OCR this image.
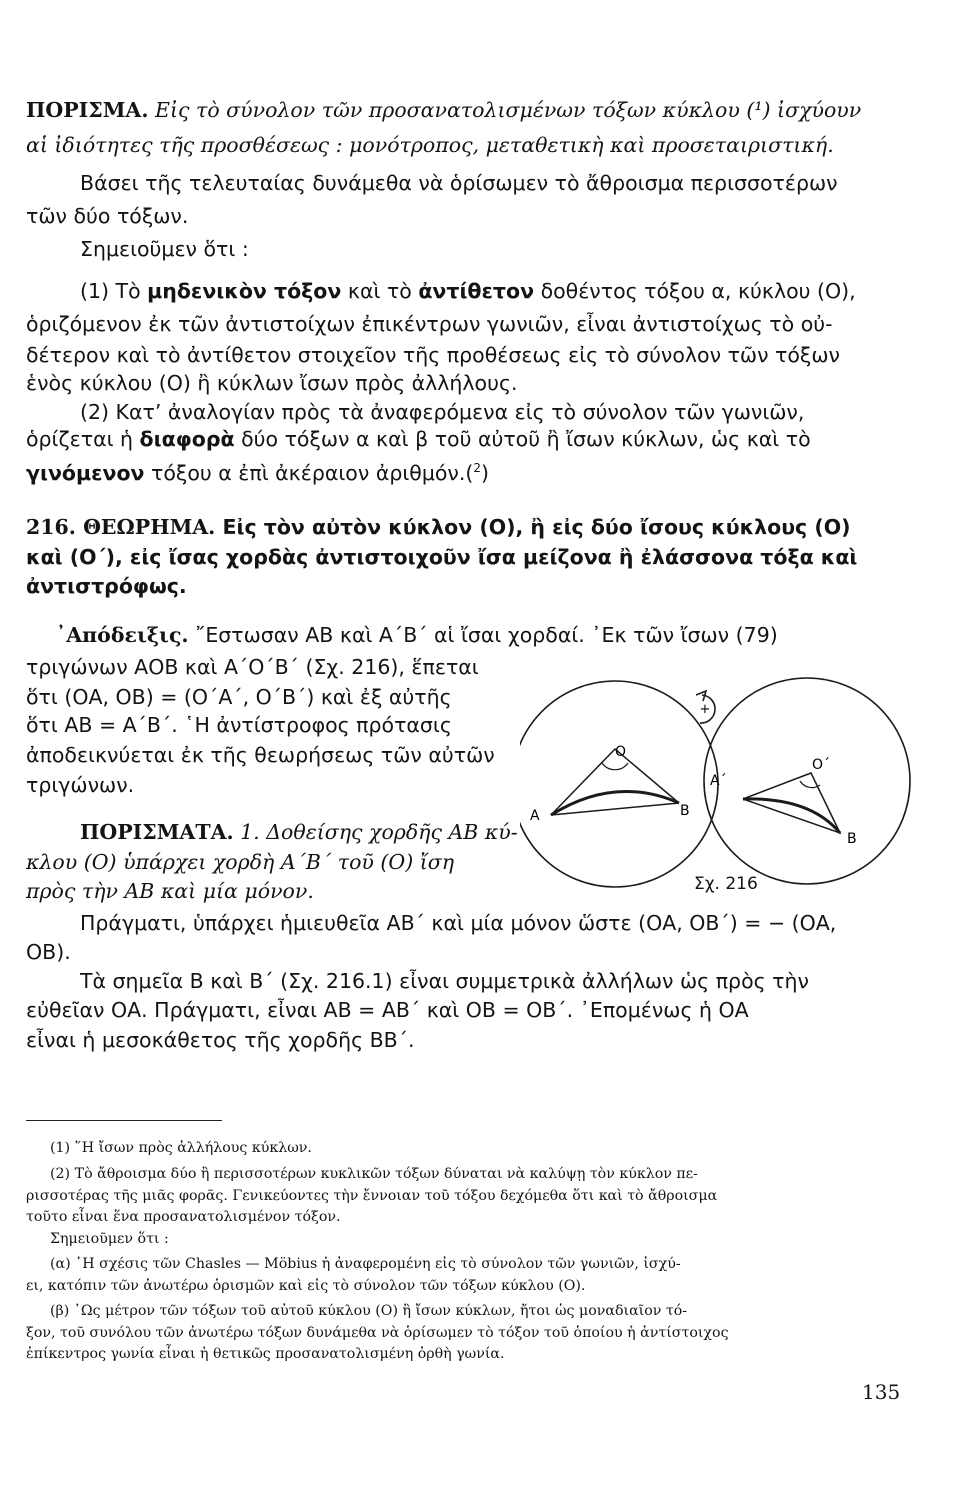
ΠΟΡΙΣΜΑ. Εἰς τὸ σύνολον τῶν προσανατολισμένων τόξων κύκλου (¹) ἰσχύουν
αἱ ἰδιότητες τῆς προσθέσεως : μονότροπος, μεταθετικὴ καὶ προσεταιριστική.
Βάσει τῆς τελευταίας δυνάμεθα νὰ ὁρίσωμεν τὸ ἄθροισμα περισσοτέρων
τῶν δύο τόξων.
Σημειοῦμεν ὅτι :
(1) Τὸ μηδενικὸν τόξον καὶ τὸ ἀντίθετον δοθέντος τόξου α, κύκλου (Ο),
ὁριζόμενον ἐκ τῶν ἀντιστοίχων ἐπικέντρων γωνιῶν, εἶναι ἀντιστοίχως τὸ οὐ-
δέτερον καὶ τὸ ἀντίθετον στοιχεῖον τῆς προθέσεως εἰς τὸ σύνολον τῶν τόξων
ἑνὸς κύκλου (Ο) ἢ κύκλων ἴσων πρὸς ἀλλήλους.
(2) Κατ’ ἀναλογίαν πρὸς τὰ ἀναφερόμενα εἰς τὸ σύνολον τῶν γωνιῶν,
ὁρίζεται ἡ διαφορὰ δύο τόξων α καὶ β τοῦ αὐτοῦ ἢ ἴσων κύκλων, ὡς καὶ τὸ
γινόμενον τόξου α ἐπὶ ἀκέραιον ἀριθμόν.($^2$)
216. ΘΕΩΡΗΜΑ. Εἰς τὸν αὐτὸν κύκλον (Ο), ἢ εἰς δύο ἴσους κύκλους (Ο)
καὶ (Ο΄), εἰς ἴσας χορδὰς ἀντιστοιχοῦν ἴσα μείζονα ἢ ἐλάσσονα τόξα καὶ
ἀντιστρόφως.
᾿Απόδειξις. ῎Εστωσαν ΑΒ καὶ Α΄Β΄ αἱ ἴσαι χορδαί. ᾿Εκ τῶν ἴσων (79)
τριγώνων ΑΟΒ καὶ Α΄Ο΄Β΄ (Σχ. 216), ἕπεται
ὅτι (ΟΑ, ΟΒ) = (Ο΄Α΄, Ο΄Β΄) καὶ ἐξ αὐτῆς
ὅτι ΑΒ = Α΄Β΄. ῾Η ἀντίστροφος πρότασις
ἀποδεικνύεται ἐκ τῆς θεωρήσεως τῶν αὐτῶν
τριγώνων.
ΠΟΡΙΣΜΑΤΑ. 1. Δοθείσης χορδῆς ΑΒ κύ-
κλου (Ο) ὑπάρχει χορδὴ Α΄Β΄ τοῦ (Ο) ἴση
πρὸς τὴν ΑΒ καὶ μία μόνον.
Πράγματι, ὑπάρχει ἡμιευθεῖα ΑΒ΄ καὶ μία μόνον ὥστε (ΟΑ, ΟΒ΄) = − (ΟΑ,
ΟΒ).
Τὰ σημεῖα Β καὶ Β΄ (Σχ. 216.1) εἶναι συμμετρικὰ ἀλλήλων ὡς πρὸς τὴν
εὐθεῖαν ΟΑ. Πράγματι, εἶναι ΑΒ = ΑΒ΄ καὶ ΟΒ = ΟΒ΄. ᾿Επομένως ἡ ΟΑ
εἶναι ἡ μεσοκάθετος τῆς χορδῆς ΒΒ΄.
+
O
O΄
A	B
A΄
B
Σχ. 216
(1) ῞Η ἴσων πρὸς ἀλλήλους κύκλων.
(2) Τὸ ἄθροισμα δύο ἢ περισσοτέρων κυκλικῶν τόξων δύναται νὰ καλύψῃ τὸν κύκλον πε-
ρισσοτέρας τῆς μιᾶς φορᾶς. Γενικεύοντες τὴν ἔννοιαν τοῦ τόξου δεχόμεθα ὅτι καὶ τὸ ἄθροισμα
τοῦτο εἶναι ἕνα προσανατολισμένον τόξον.
Σημειοῦμεν ὅτι :
(α) ῾Η σχέσις τῶν Chasles — Möbius ἡ ἀναφερομένη εἰς τὸ σύνολον τῶν γωνιῶν, ἰσχύ-
ει, κατόπιν τῶν ἀνωτέρω ὁρισμῶν καὶ εἰς τὸ σύνολον τῶν τόξων κύκλου (Ο).
(β) ῾Ως μέτρον τῶν τόξων τοῦ αὐτοῦ κύκλου (Ο) ἢ ἴσων κύκλων, ἤτοι ὡς μοναδιαῖον τό-
ξον, τοῦ συνόλου τῶν ἀνωτέρω τόξων δυνάμεθα νὰ ὁρίσωμεν τὸ τόξον τοῦ ὁποίου ἡ ἀντίστοιχος
ἐπίκεντρος γωνία εἶναι ἡ θετικῶς προσανατολισμένη ὀρθὴ γωνία.
135
